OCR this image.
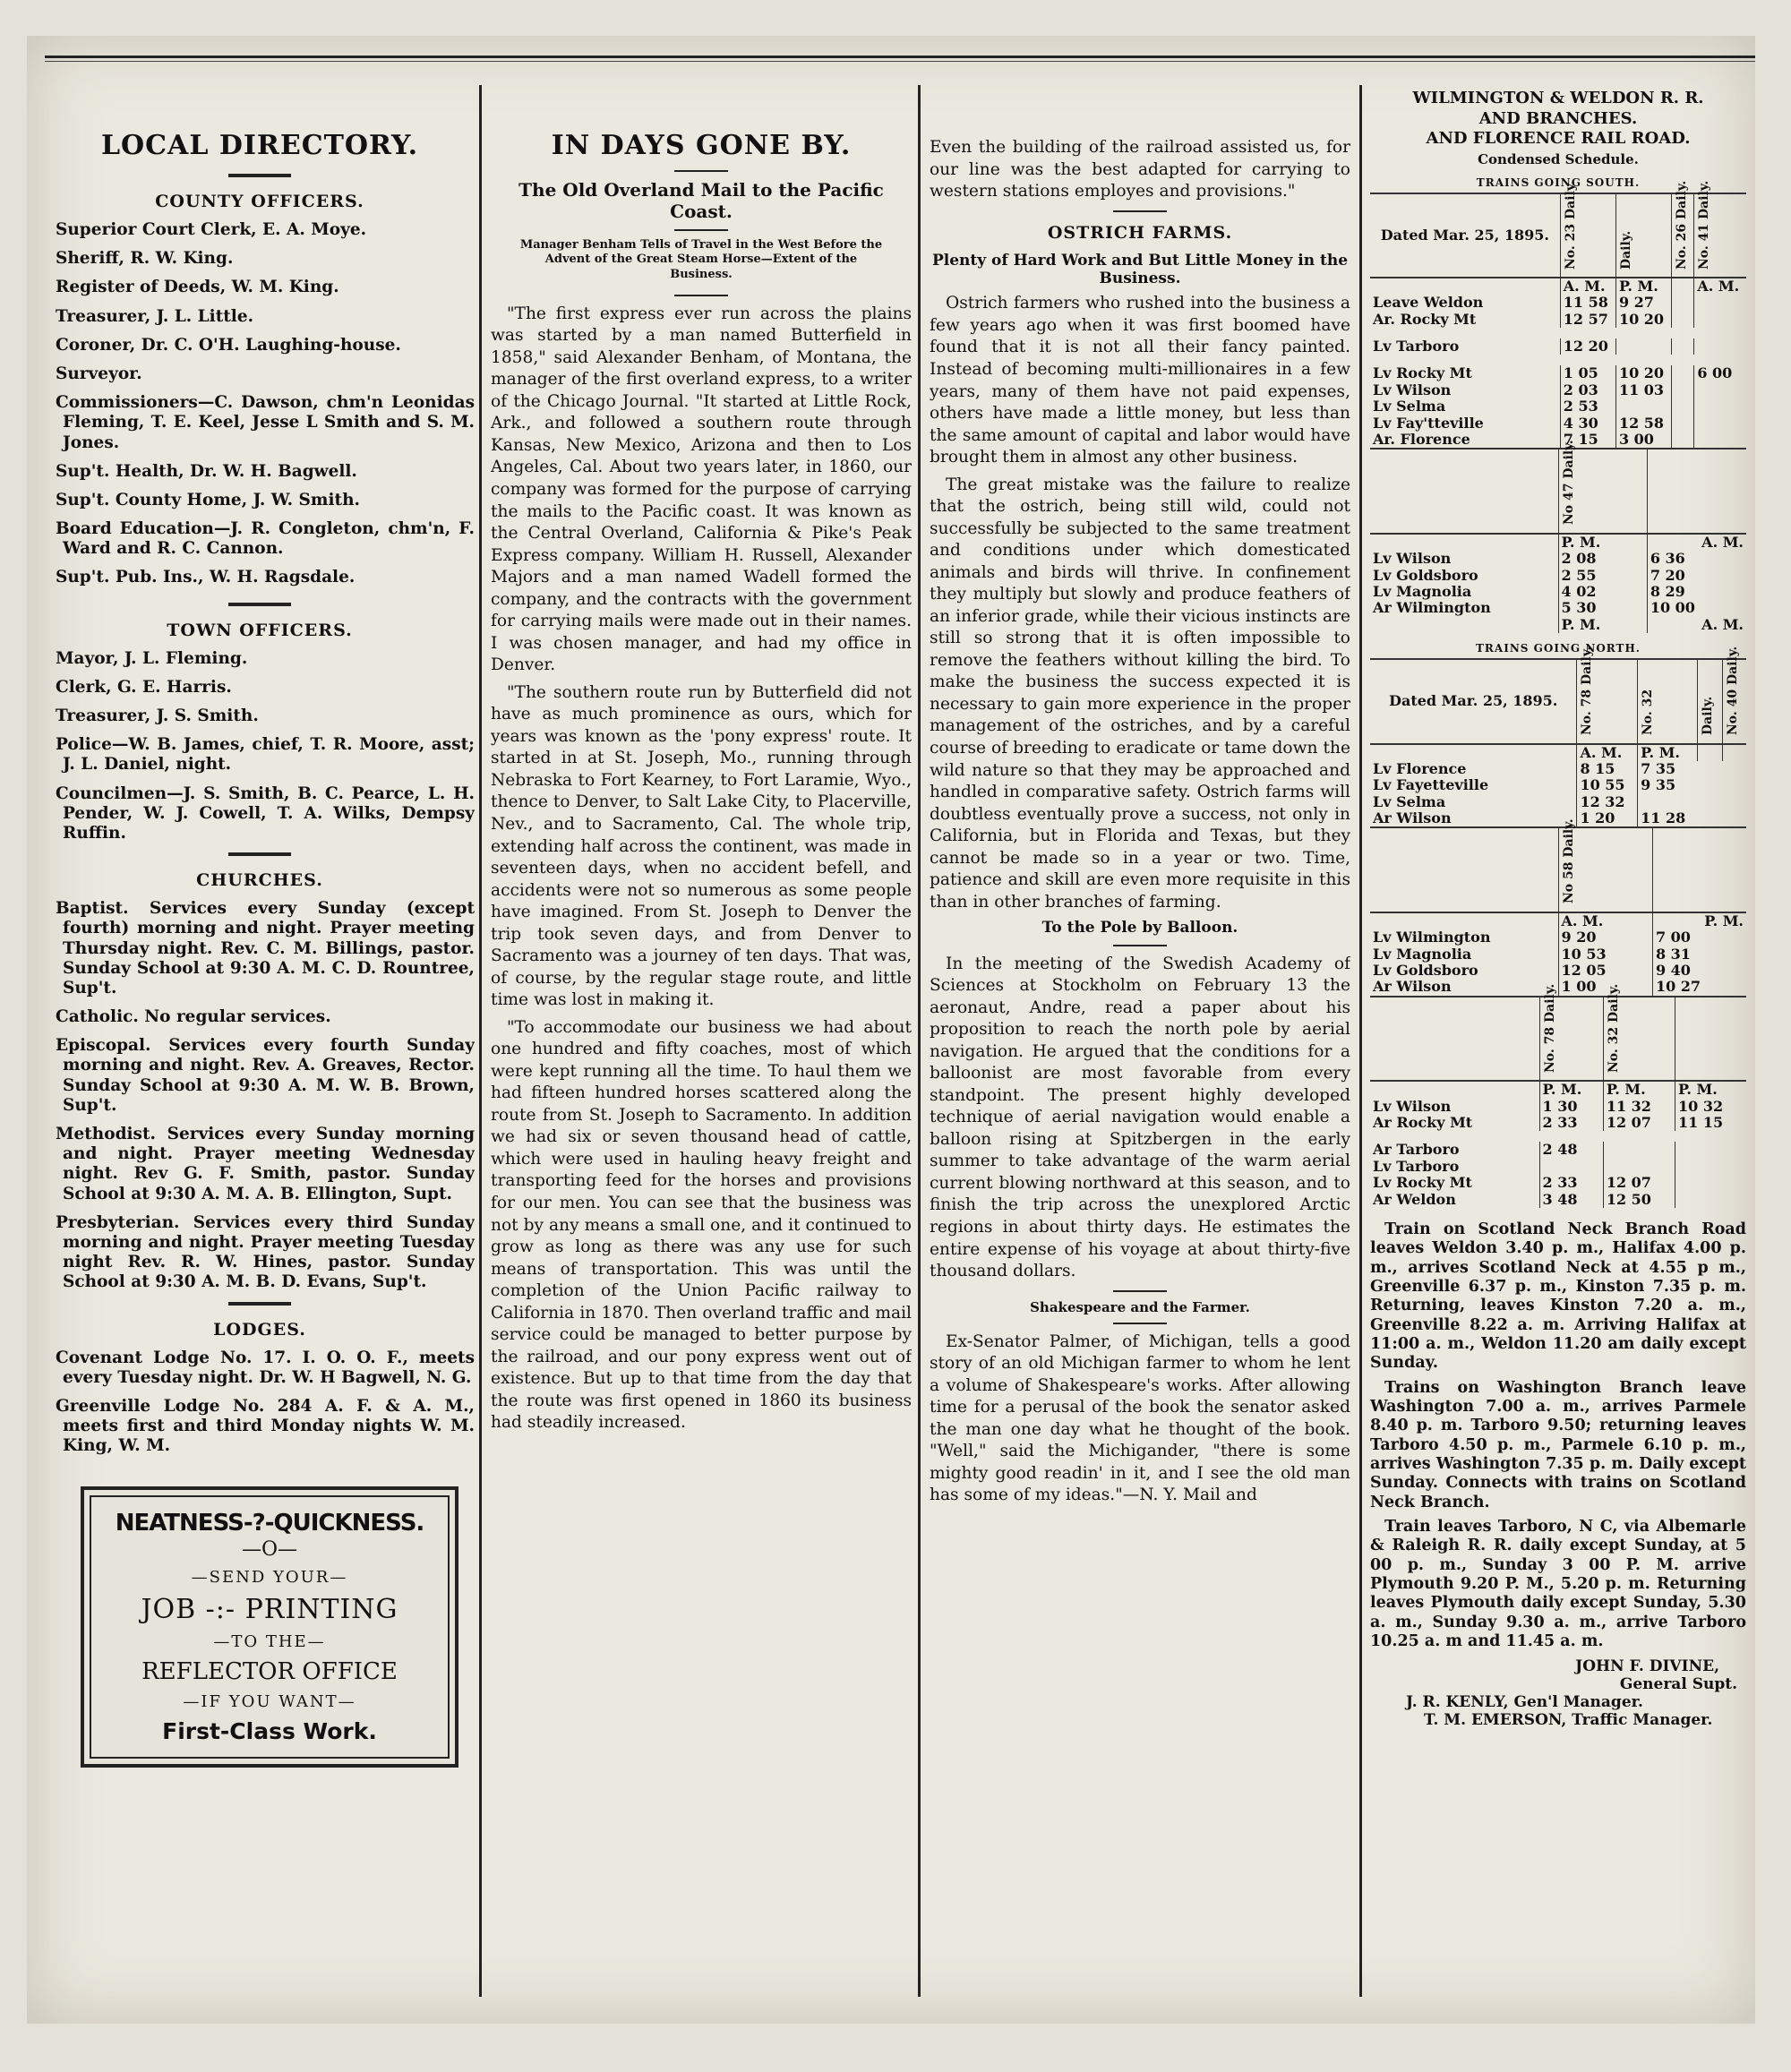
LOCAL DIRECTORY.
COUNTY OFFICERS.

Superior Court Clerk, E. A. Moye.

Sheriff, R. W. King.

Register of Deeds, W. M. King.

Treasurer, J. L. Little.

Coroner, Dr. C. O'H. Laughing-house.

Surveyor.

Commissioners—C. Dawson, chm'n Leonidas Fleming, T. E. Keel, Jesse L Smith and S. M. Jones.

Sup't. Health, Dr. W. H. Bagwell.

Sup't. County Home, J. W. Smith.

Board Education—J. R. Congleton, chm'n, F. Ward and R. C. Cannon.

Sup't. Pub. Ins., W. H. Ragsdale.

TOWN OFFICERS.

Mayor, J. L. Fleming.

Clerk, G. E. Harris.

Treasurer, J. S. Smith.

Police—W. B. James, chief, T. R. Moore, asst; J. L. Daniel, night.

Councilmen—J. S. Smith, B. C. Pearce, L. H. Pender, W. J. Cowell, T. A. Wilks, Dempsy Ruffin.

CHURCHES.

Baptist. Services every Sunday (except fourth) morning and night. Prayer meeting Thursday night. Rev. C. M. Billings, pastor. Sunday School at 9:30 A. M. C. D. Rountree, Sup't.

Catholic. No regular services.

Episcopal. Services every fourth Sunday morning and night. Rev. A. Greaves, Rector. Sunday School at 9:30 A. M. W. B. Brown, Sup't.

Methodist. Services every Sunday morning and night. Prayer meeting Wednesday night. Rev G. F. Smith, pastor. Sunday School at 9:30 A. M. A. B. Ellington, Supt.

Presbyterian. Services every third Sunday morning and night. Prayer meeting Tuesday night Rev. R. W. Hines, pastor. Sunday School at 9:30 A. M. B. D. Evans, Sup't.

LODGES.

Covenant Lodge No. 17. I. O. O. F., meets every Tuesday night. Dr. W. H Bagwell, N. G.

Greenville Lodge No. 284 A. F. & A. M., meets first and third Monday nights W. M. King, W. M.

NEATNESS-?-QUICKNESS.
—O—
—SEND YOUR—
JOB -:- PRINTING
—TO THE—
REFLECTOR OFFICE
—IF YOU WANT—
First-Class Work.
IN DAYS GONE BY.
The Old Overland Mail to the Pacific Coast.
Manager Benham Tells of Travel in the West Before the Advent of the Great Steam Horse—Extent of the Business.

"The first express ever run across the plains was started by a man named Butterfield in 1858," said Alexander Benham, of Montana, the manager of the first overland express, to a writer of the Chicago Journal. "It started at Little Rock, Ark., and followed a southern route through Kansas, New Mexico, Arizona and then to Los Angeles, Cal. About two years later, in 1860, our company was formed for the purpose of carrying the mails to the Pacific coast. It was known as the Central Overland, California & Pike's Peak Express company. William H. Russell, Alexander Majors and a man named Wadell formed the company, and the contracts with the government for carrying mails were made out in their names. I was chosen manager, and had my office in Denver.

"The southern route run by Butterfield did not have as much prominence as ours, which for years was known as the 'pony express' route. It started in at St. Joseph, Mo., running through Nebraska to Fort Kearney, to Fort Laramie, Wyo., thence to Denver, to Salt Lake City, to Placerville, Nev., and to Sacramento, Cal. The whole trip, extending half across the continent, was made in seventeen days, when no accident befell, and accidents were not so numerous as some people have imagined. From St. Joseph to Denver the trip took seven days, and from Denver to Sacramento was a journey of ten days. That was, of course, by the regular stage route, and little time was lost in making it.

"To accommodate our business we had about one hundred and fifty coaches, most of which were kept running all the time. To haul them we had fifteen hundred horses scattered along the route from St. Joseph to Sacramento. In addition we had six or seven thousand head of cattle, which were used in hauling heavy freight and transporting feed for the horses and provisions for our men. You can see that the business was not by any means a small one, and it continued to grow as long as there was any use for such means of transportation. This was until the completion of the Union Pacific railway to California in 1870. Then overland traffic and mail service could be managed to better purpose by the railroad, and our pony express went out of existence. But up to that time from the day that the route was first opened in 1860 its business had steadily increased.

Even the building of the railroad assisted us, for our line was the best adapted for carrying to western stations employes and provisions."

OSTRICH FARMS.
Plenty of Hard Work and But Little Money in the Business.

Ostrich farmers who rushed into the business a few years ago when it was first boomed have found that it is not all their fancy painted. Instead of becoming multi-millionaires in a few years, many of them have not paid expenses, others have made a little money, but less than the same amount of capital and labor would have brought them in almost any other business.

The great mistake was the failure to realize that the ostrich, being still wild, could not successfully be subjected to the same treatment and conditions under which domesticated animals and birds will thrive. In confinement they multiply but slowly and produce feathers of an inferior grade, while their vicious instincts are still so strong that it is often impossible to remove the feathers without killing the bird. To make the business the success expected it is necessary to gain more experience in the proper management of the ostriches, and by a careful course of breeding to eradicate or tame down the wild nature so that they may be approached and handled in comparative safety. Ostrich farms will doubtless eventually prove a success, not only in California, but in Florida and Texas, but they cannot be made so in a year or two. Time, patience and skill are even more requisite in this than in other branches of farming.

To the Pole by Balloon.

In the meeting of the Swedish Academy of Sciences at Stockholm on February 13 the aeronaut, Andre, read a paper about his proposition to reach the north pole by aerial navigation. He argued that the conditions for a balloonist are most favorable from every standpoint. The present highly developed technique of aerial navigation would enable a balloon rising at Spitzbergen in the early summer to take advantage of the warm aerial current blowing northward at this season, and to finish the trip across the unexplored Arctic regions in about thirty days. He estimates the entire expense of his voyage at about thirty-five thousand dollars.

Shakespeare and the Farmer.

Ex-Senator Palmer, of Michigan, tells a good story of an old Michigan farmer to whom he lent a volume of Shakespeare's works. After allowing time for a perusal of the book the senator asked the man one day what he thought of the book. "Well," said the Michigander, "there is some mighty good readin' in it, and I see the old man has some of my ideas."—N. Y. Mail and

WILMINGTON & WELDON R. R.
AND BRANCHES.
AND FLORENCE RAIL ROAD.
Condensed Schedule.
TRAINS GOING SOUTH.
Dated Mar. 25, 1895.	No. 23 Daily.	Daily.	No. 26 Daily.	No. 41 Daily.
	A. M.	P. M.		A. M.
Leave Weldon	11 58	9 27		
Ar. Rocky Mt	12 57	10 20		

Lv Tarboro	12 20			

Lv Rocky Mt	1 05	10 20		6 00
Lv Wilson	2 03	11 03		
Lv Selma	2 53			
Lv Fay'tteville	4 30	12 58		
Ar. Florence	7 15	3 00		
	No 47 Daily.	
	P. M.	A. M.
Lv Wilson	2 08	6 36
Lv Goldsboro	2 55	7 20
Lv Magnolia	4 02	8 29
Ar Wilmington	5 30	10 00
	P. M.	A. M.
TRAINS GOING NORTH.
Dated Mar. 25, 1895.	No. 78 Daily.	No. 32	Daily.	No. 40 Daily.
	A. M.	P. M.		
Lv Florence	8 15	7 35		
Lv Fayetteville	10 55	9 35		
Lv Selma	12 32			
Ar Wilson	1 20	11 28		
	No 58 Daily.	
	A. M.	P. M.
Lv Wilmington	9 20	7 00
Lv Magnolia	10 53	8 31
Lv Goldsboro	12 05	9 40
Ar Wilson	1 00	10 27
	No. 78 Daily.	No. 32 Daily.	
	P. M.	P. M.	P. M.
Lv Wilson	1 30	11 32	10 32
Ar Rocky Mt	2 33	12 07	11 15

Ar Tarboro	2 48		
Lv Tarboro			
Lv Rocky Mt	2 33	12 07	
Ar Weldon	3 48	12 50	

Train on Scotland Neck Branch Road leaves Weldon 3.40 p. m., Halifax 4.00 p. m., arrives Scotland Neck at 4.55 p m., Greenville 6.37 p. m., Kinston 7.35 p. m. Returning, leaves Kinston 7.20 a. m., Greenville 8.22 a. m. Arriving Halifax at 11:00 a. m., Weldon 11.20 am daily except Sunday.

Trains on Washington Branch leave Washington 7.00 a. m., arrives Parmele 8.40 p. m. Tarboro 9.50; returning leaves Tarboro 4.50 p. m., Parmele 6.10 p. m., arrives Washington 7.35 p. m. Daily except Sunday. Connects with trains on Scotland Neck Branch.

Train leaves Tarboro, N C, via Albemarle & Raleigh R. R. daily except Sunday, at 5 00 p. m., Sunday 3 00 P. M. arrive Plymouth 9.20 P. M., 5.20 p. m. Returning leaves Plymouth daily except Sunday, 5.30 a. m., Sunday 9.30 a. m., arrive Tarboro 10.25 a. m and 11.45 a. m.

JOHN F. DIVINE,
General Supt.
J. R. KENLY, Gen'l Manager.
T. M. EMERSON, Traffic Manager.
